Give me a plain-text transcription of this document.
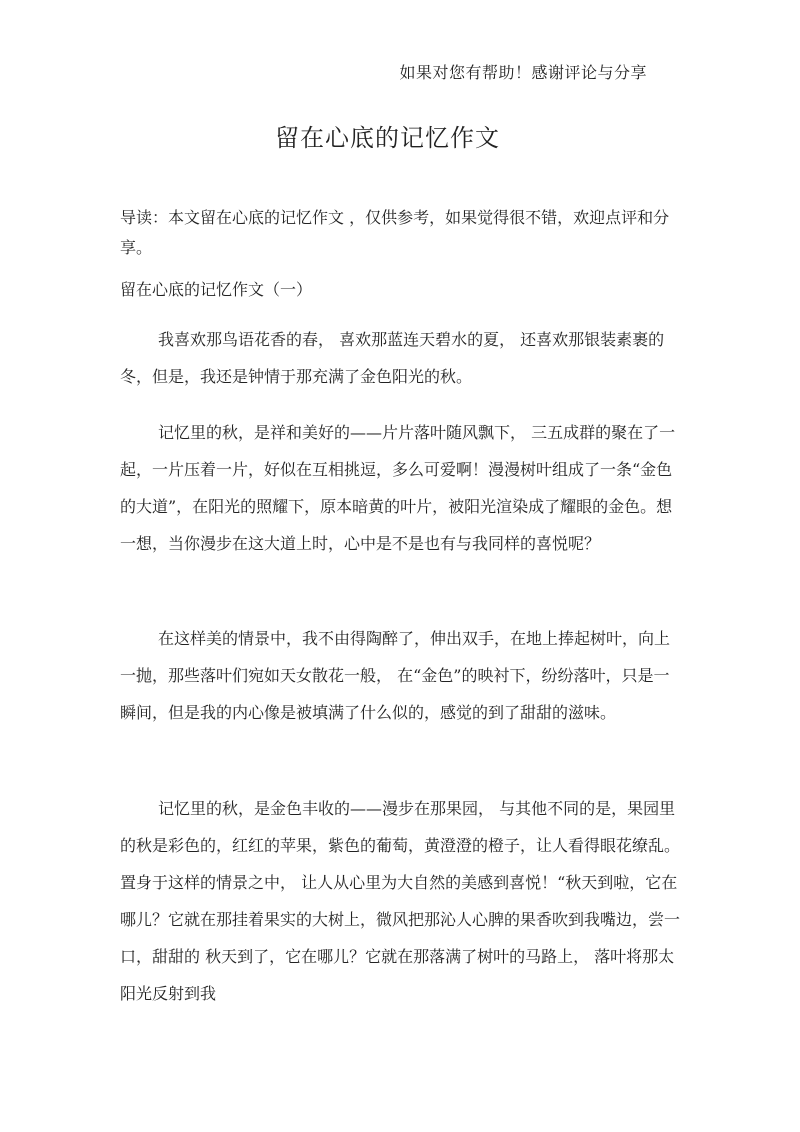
如果对您有帮助！感谢评论与分享
留在心底的记忆作文
导读：本文留在心底的记忆作文 ，仅供参考，如果觉得很不错，欢迎点评和分享。
留在心底的记忆作文（一）
我喜欢那鸟语花香的春， 喜欢那蓝连天碧水的夏， 还喜欢那银装素裹的冬，但是，我还是钟情于那充满了金色阳光的秋。
记忆里的秋，是祥和美好的——片片落叶随风飘下， 三五成群的聚在了一起，一片压着一片，好似在互相挑逗，多么可爱啊！漫漫树叶组成了一条“金色的大道”，在阳光的照耀下，原本暗黄的叶片，被阳光渲染成了耀眼的金色。想一想，当你漫步在这大道上时，心中是不是也有与我同样的喜悦呢？
在这样美的情景中，我不由得陶醉了，伸出双手，在地上捧起树叶，向上一抛，那些落叶们宛如天女散花一般， 在“金色”的映衬下，纷纷落叶，只是一瞬间，但是我的内心像是被填满了什么似的，感觉的到了甜甜的滋味。
记忆里的秋，是金色丰收的——漫步在那果园， 与其他不同的是，果园里的秋是彩色的，红红的苹果，紫色的葡萄，黄澄澄的橙子，让人看得眼花缭乱。 置身于这样的情景之中， 让人从心里为大自然的美感到喜悦！“秋天到啦，它在哪儿？它就在那挂着果实的大树上，微风把那沁人心脾的果香吹到我嘴边，尝一口，甜甜的 秋天到了，它在哪儿？它就在那落满了树叶的马路上， 落叶将那太阳光反射到我
